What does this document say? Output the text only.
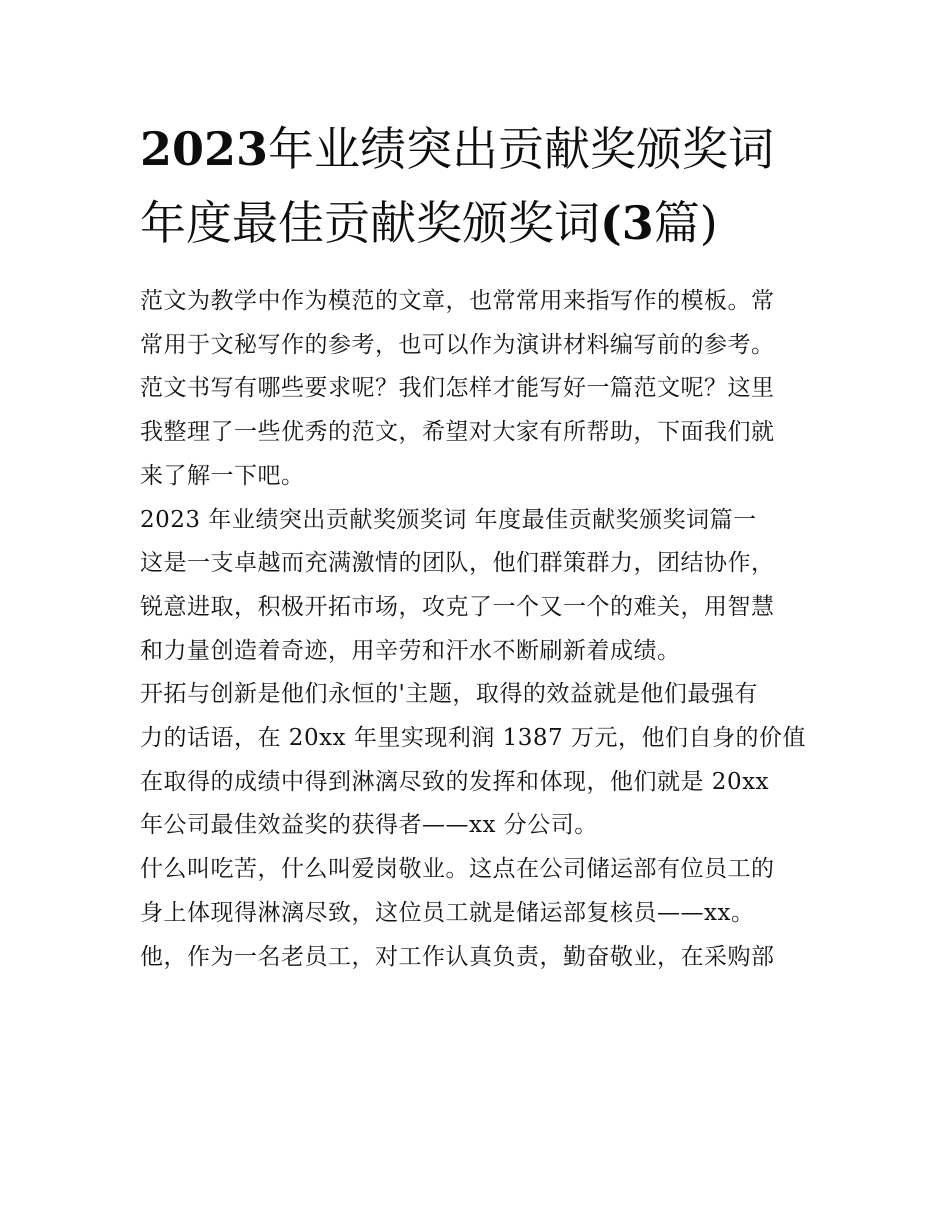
2023年业绩突出贡献奖颁奖词
年度最佳贡献奖颁奖词(3篇)

范文为教学中作为模范的文章，也常常用来指写作的模板。常
常用于文秘写作的参考，也可以作为演讲材料编写前的参考。
范文书写有哪些要求呢？我们怎样才能写好一篇范文呢？这里
我整理了一些优秀的范文，希望对大家有所帮助，下面我们就
来了解一下吧。

2023 年业绩突出贡献奖颁奖词 年度最佳贡献奖颁奖词篇一

这是一支卓越而充满激情的团队，他们群策群力，团结协作，
锐意进取，积极开拓市场，攻克了一个又一个的难关，用智慧
和力量创造着奇迹，用辛劳和汗水不断刷新着成绩。

开拓与创新是他们永恒的'主题，取得的效益就是他们最强有
力的话语，在 20xx 年里实现利润 1387 万元，他们自身的价值
在取得的成绩中得到淋漓尽致的发挥和体现，他们就是 20xx
年公司最佳效益奖的获得者——xx 分公司。

什么叫吃苦，什么叫爱岗敬业。这点在公司储运部有位员工的
身上体现得淋漓尽致，这位员工就是储运部复核员——xx。
他，作为一名老员工，对工作认真负责，勤奋敬业，在采购部
